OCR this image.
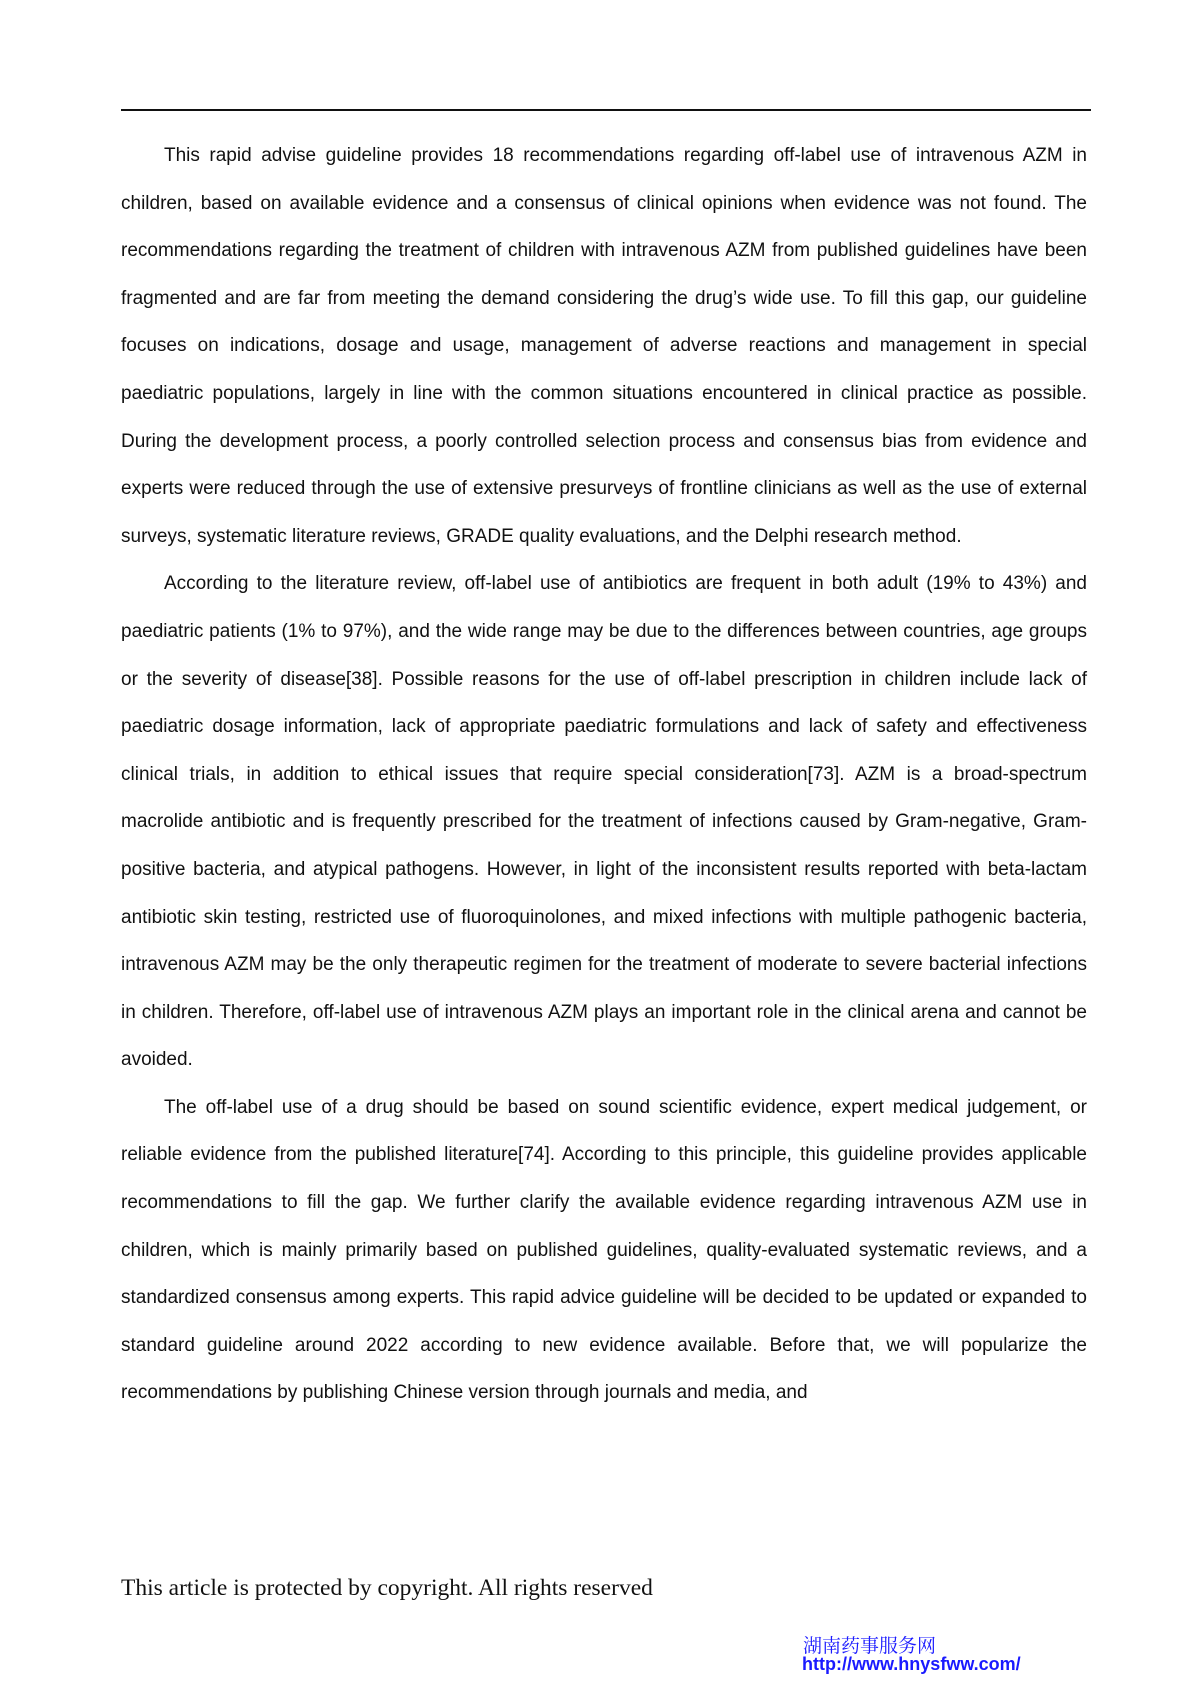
This rapid advise guideline provides 18 recommendations regarding off-label use of intravenous AZM in children, based on available evidence and a consensus of clinical opinions when evidence was not found. The recommendations regarding the treatment of children with intravenous AZM from published guidelines have been fragmented and are far from meeting the demand considering the drug’s wide use. To fill this gap, our guideline focuses on indications, dosage and usage, management of adverse reactions and management in special paediatric populations, largely in line with the common situations encountered in clinical practice as possible. During the development process, a poorly controlled selection process and consensus bias from evidence and experts were reduced through the use of extensive presurveys of frontline clinicians as well as the use of external surveys, systematic literature reviews, GRADE quality evaluations, and the Delphi research method.

According to the literature review, off-label use of antibiotics are frequent in both adult (19% to 43%) and paediatric patients (1% to 97%), and the wide range may be due to the differences between countries, age groups or the severity of disease[38]. Possible reasons for the use of off-label prescription in children include lack of paediatric dosage information, lack of appropriate paediatric formulations and lack of safety and effectiveness clinical trials, in addition to ethical issues that require special consideration[73]. AZM is a broad-spectrum macrolide antibiotic and is frequently prescribed for the treatment of infections caused by Gram-negative, Gram-positive bacteria, and atypical pathogens. However, in light of the inconsistent results reported with beta-lactam antibiotic skin testing, restricted use of fluoroquinolones, and mixed infections with multiple pathogenic bacteria, intravenous AZM may be the only therapeutic regimen for the treatment of moderate to severe bacterial infections in children. Therefore, off-label use of intravenous AZM plays an important role in the clinical arena and cannot be avoided.

The off-label use of a drug should be based on sound scientific evidence, expert medical judgement, or reliable evidence from the published literature[74]. According to this principle, this guideline provides applicable recommendations to fill the gap. We further clarify the available evidence regarding intravenous AZM use in children, which is mainly primarily based on published guidelines, quality-evaluated systematic reviews, and a standardized consensus among experts. This rapid advice guideline will be decided to be updated or expanded to standard guideline around 2022 according to new evidence available. Before that, we will popularize the recommendations by publishing Chinese version through journals and media, and

This article is protected by copyright. All rights reserved
湖南药事服务网
http://www.hnysfww.com/
